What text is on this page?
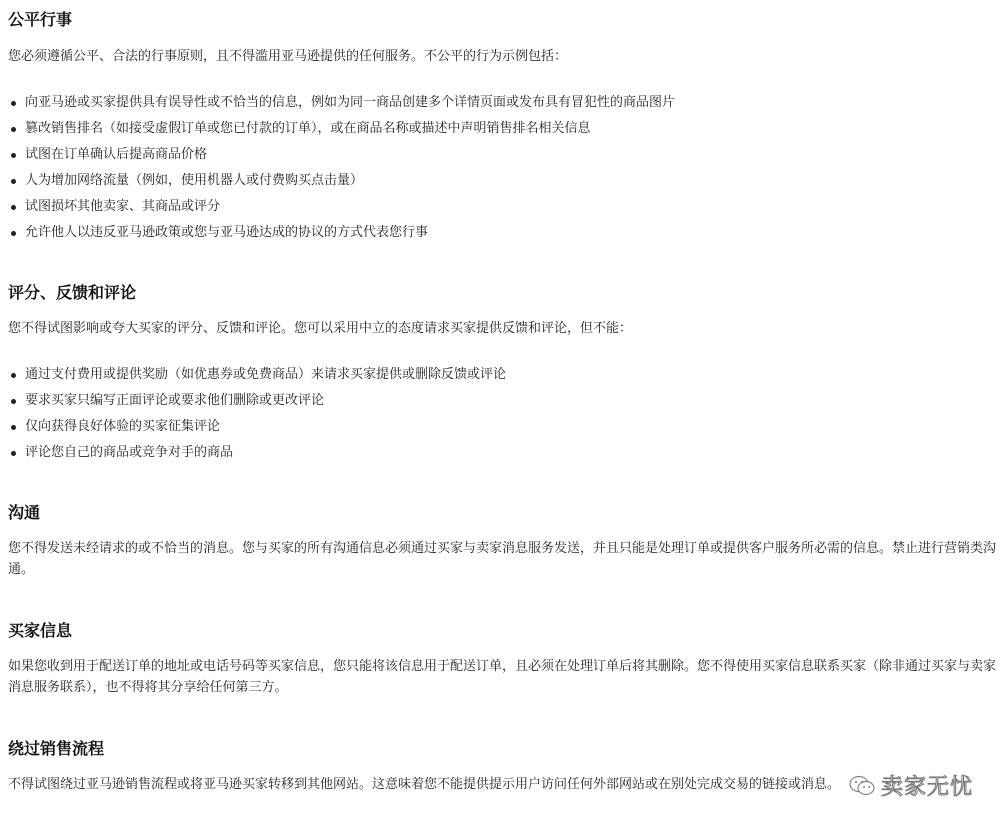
公平行事

您必须遵循公平、合法的行事原则，且不得滥用亚马逊提供的任何服务。不公平的行为示例包括：

向亚马逊或买家提供具有误导性或不恰当的信息，例如为同一商品创建多个详情页面或发布具有冒犯性的商品图片
篡改销售排名（如接受虚假订单或您已付款的订单），或在商品名称或描述中声明销售排名相关信息
试图在订单确认后提高商品价格
人为增加网络流量（例如，使用机器人或付费购买点击量）
试图损坏其他卖家、其商品或评分
允许他人以违反亚马逊政策或您与亚马逊达成的协议的方式代表您行事
评分、反馈和评论

您不得试图影响或夸大买家的评分、反馈和评论。您可以采用中立的态度请求买家提供反馈和评论，但不能：

通过支付费用或提供奖励（如优惠券或免费商品）来请求买家提供或删除反馈或评论
要求买家只编写正面评论或要求他们删除或更改评论
仅向获得良好体验的买家征集评论
评论您自己的商品或竞争对手的商品
沟通

您不得发送未经请求的或不恰当的消息。您与买家的所有沟通信息必须通过买家与卖家消息服务发送，并且只能是处理订单或提供客户服务所必需的信息。禁止进行营销类沟通。

买家信息

如果您收到用于配送订单的地址或电话号码等买家信息，您只能将该信息用于配送订单，且必须在处理订单后将其删除。您不得使用买家信息联系买家（除非通过买家与卖家消息服务联系），也不得将其分享给任何第三方。

绕过销售流程

不得试图绕过亚马逊销售流程或将亚马逊买家转移到其他网站。这意味着您不能提供提示用户访问任何外部网站或在别处完成交易的链接或消息。	卖家无忧
